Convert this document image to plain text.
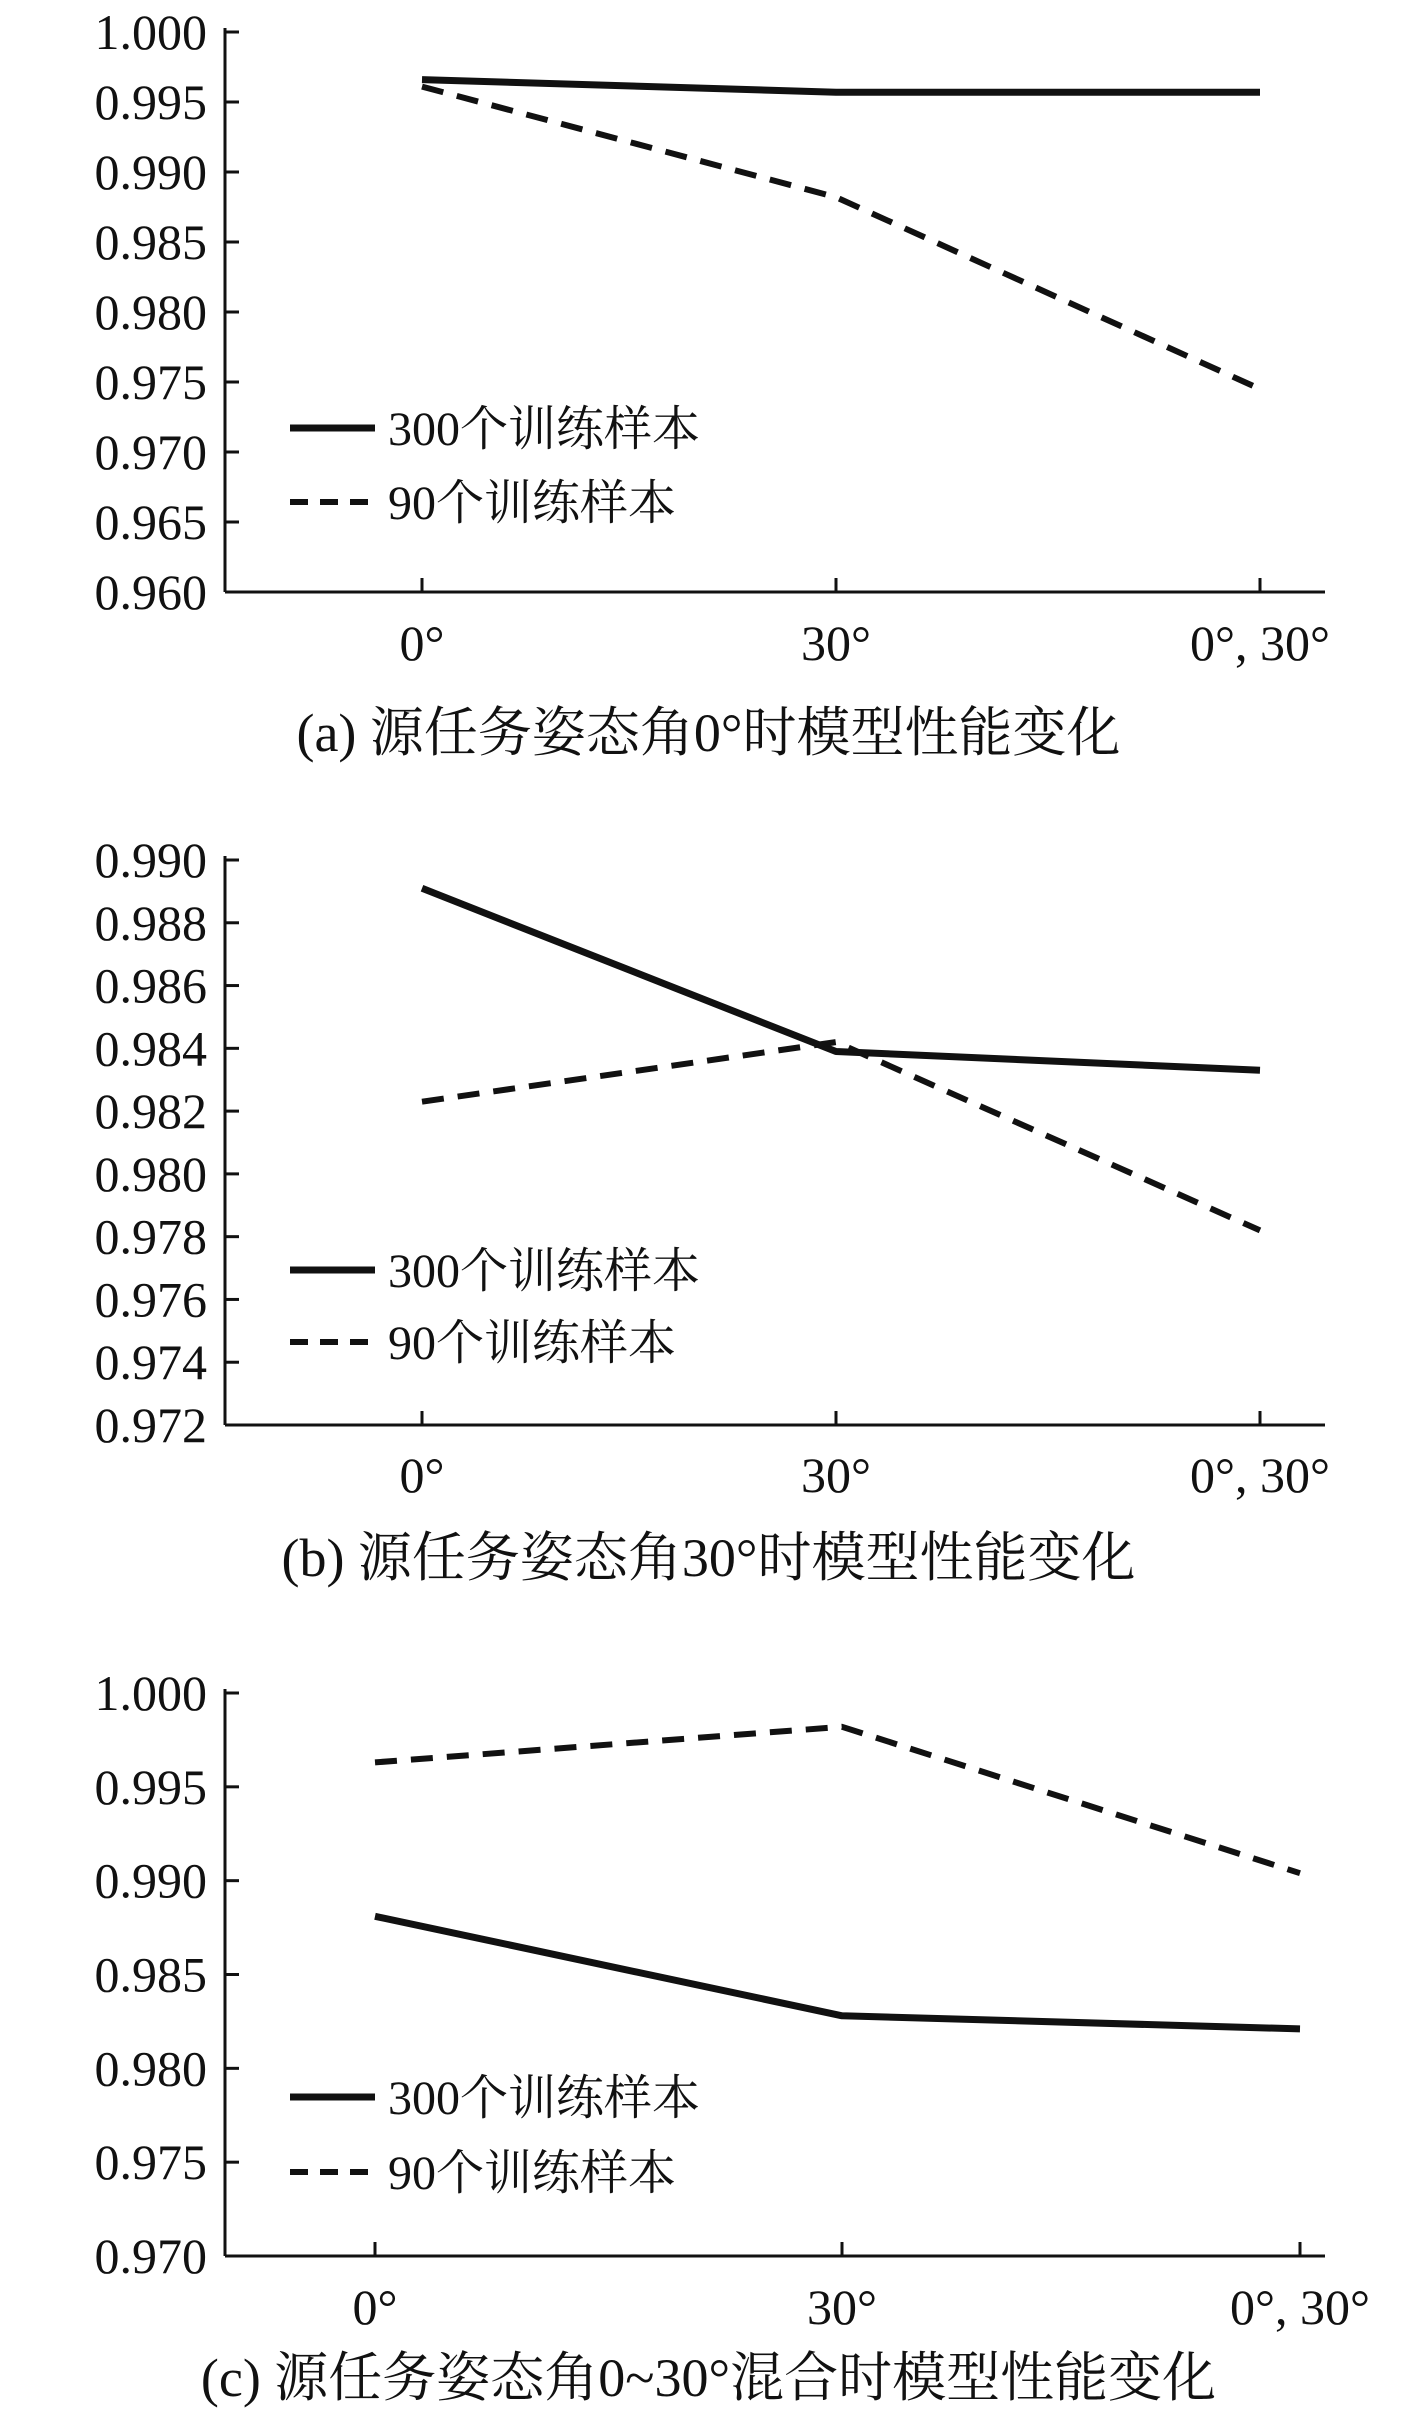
0.960
0.965
0.970
0.975
0.980
0.985
0.990
0.995
1.000
0°	30°	0°, 30°
300个训练样本
90个训练样本
(a) 源任务姿态角0°时模型性能变化
0.972
0.974
0.976
0.978
0.980
0.982
0.984
0.986
0.988
0.990
0°	30°	0°, 30°
300个训练样本
90个训练样本
(b) 源任务姿态角30°时模型性能变化
0.970
0.975
0.980
0.985
0.990
0.995
1.000
0°	30°	0°, 30°
300个训练样本
90个训练样本
(c) 源任务姿态角0~30°混合时模型性能变化
